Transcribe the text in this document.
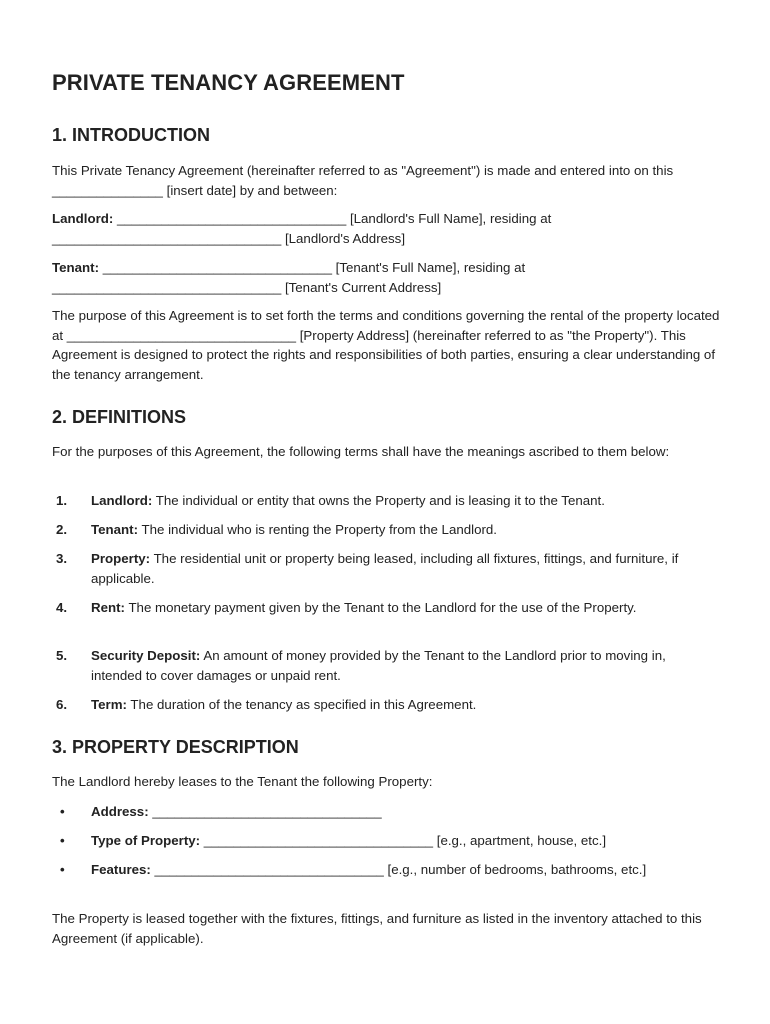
PRIVATE TENANCY AGREEMENT
1. INTRODUCTION

This Private Tenancy Agreement (hereinafter referred to as "Agreement") is made and entered into on this _______________ [insert date] by and between:

Landlord: _______________________________ [Landlord's Full Name], residing at _______________________________ [Landlord's Address]

Tenant: _______________________________ [Tenant's Full Name], residing at _______________________________ [Tenant's Current Address]

The purpose of this Agreement is to set forth the terms and conditions governing the rental of the property located at _______________________________ [Property Address] (hereinafter referred to as "the Property"). This Agreement is designed to protect the rights and responsibilities of both parties, ensuring a clear understanding of the tenancy arrangement.

2. DEFINITIONS

For the purposes of this Agreement, the following terms shall have the meanings ascribed to them below:

1. Landlord: The individual or entity that owns the Property and is leasing it to the Tenant.
2. Tenant: The individual who is renting the Property from the Landlord.
3. Property: The residential unit or property being leased, including all fixtures, fittings, and furniture, if applicable.
4. Rent: The monetary payment given by the Tenant to the Landlord for the use of the Property.
5. Security Deposit: An amount of money provided by the Tenant to the Landlord prior to moving in, intended to cover damages or unpaid rent.
6. Term: The duration of the tenancy as specified in this Agreement.
3. PROPERTY DESCRIPTION

The Landlord hereby leases to the Tenant the following Property:

• Address: _______________________________
• Type of Property: _______________________________ [e.g., apartment, house, etc.]
• Features: _______________________________ [e.g., number of bedrooms, bathrooms, etc.]

The Property is leased together with the fixtures, fittings, and furniture as listed in the inventory attached to this Agreement (if applicable).
